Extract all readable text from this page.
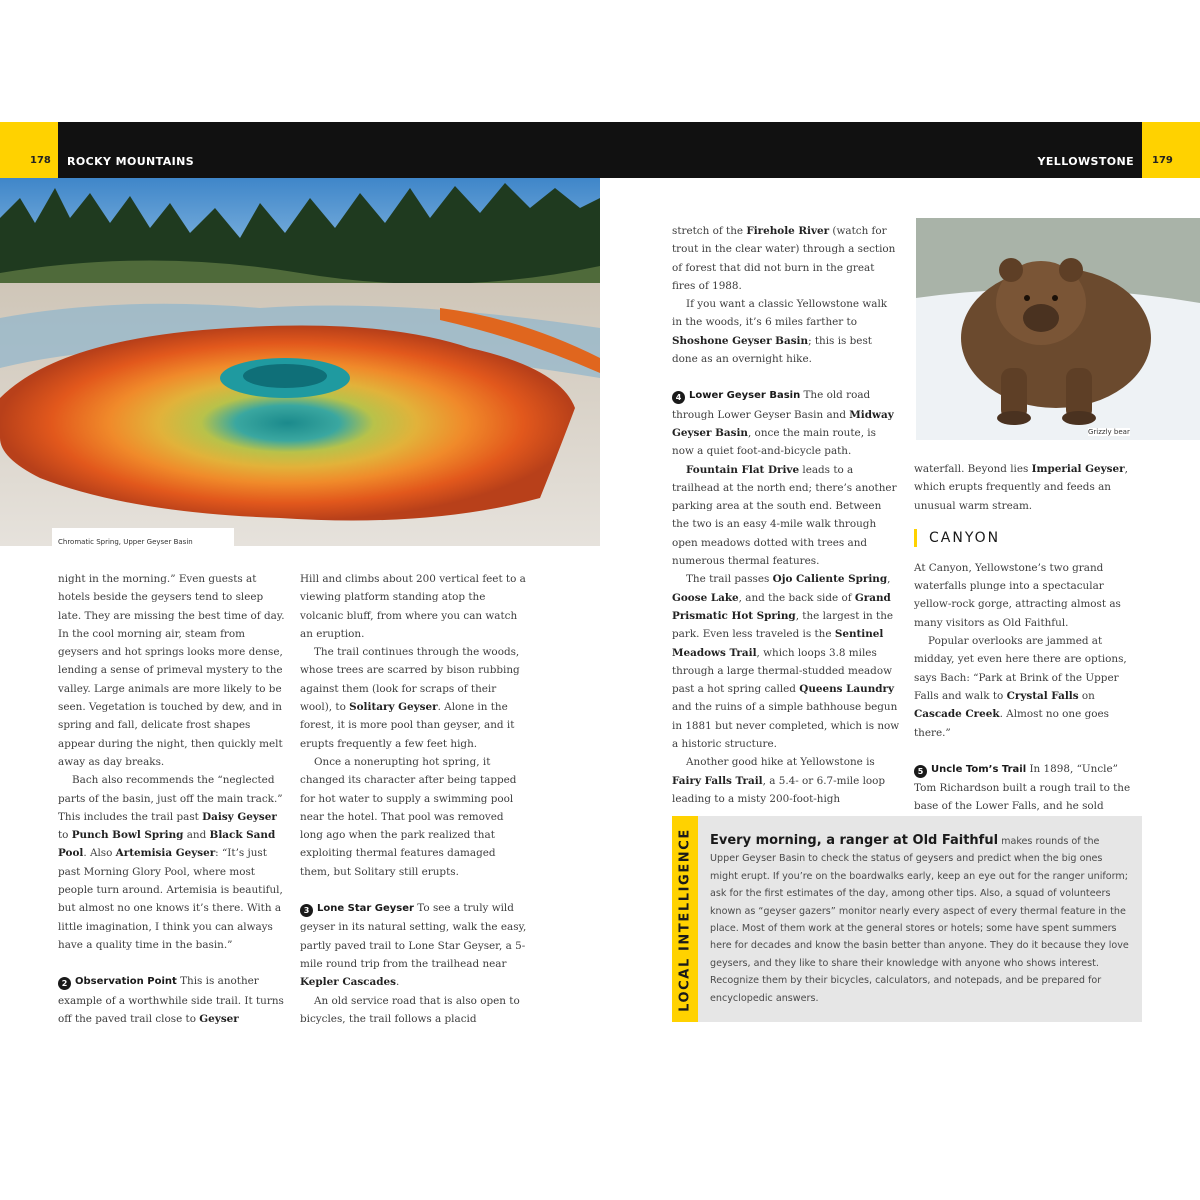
178 ROCKY MOUNTAINS	YELLOWSTONE 179
Chromatic Spring, Upper Geyser Basin
Grizzly bear

night in the morning.” Even guests at hotels beside the geysers tend to sleep late. They are missing the best time of day. In the cool morning air, steam from geysers and hot springs looks more dense, lending a sense of primeval mystery to the valley. Large animals are more likely to be seen. Vegetation is touched by dew, and in spring and fall, delicate frost shapes appear during the night, then quickly melt away as day breaks.

Bach also recommends the “neglected parts of the basin, just off the main track.” This includes the trail past Daisy Geyser to Punch Bowl Spring and Black Sand Pool. Also Artemisia Geyser: “It’s just past Morning Glory Pool, where most people turn around. Artemisia is beautiful, but almost no one knows it’s there. With a little imagination, I think you can always have a quality time in the basin.”

2 Observation Point This is another example of a worthwhile side trail. It turns off the paved trail close to Geyser

Hill and climbs about 200 vertical feet to a viewing platform standing atop the volcanic bluff, from where you can watch an eruption.

The trail continues through the woods, whose trees are scarred by bison rubbing against them (look for scraps of their wool), to Solitary Geyser. Alone in the forest, it is more pool than geyser, and it erupts frequently a few feet high.

Once a nonerupting hot spring, it changed its character after being tapped for hot water to supply a swimming pool near the hotel. That pool was removed long ago when the park realized that exploiting thermal features damaged them, but Solitary still erupts.

3 Lone Star Geyser To see a truly wild geyser in its natural setting, walk the easy, partly paved trail to Lone Star Geyser, a 5-mile round trip from the trailhead near Kepler Cascades.

An old service road that is also open to bicycles, the trail follows a placid

stretch of the Firehole River (watch for trout in the clear water) through a section of forest that did not burn in the great fires of 1988.

If you want a classic Yellowstone walk in the woods, it’s 6 miles farther to Shoshone Geyser Basin; this is best done as an overnight hike.

4 Lower Geyser Basin The old road through Lower Geyser Basin and Midway Geyser Basin, once the main route, is now a quiet foot-and-bicycle path.

Fountain Flat Drive leads to a trailhead at the north end; there’s another parking area at the south end. Between the two is an easy 4-mile walk through open meadows dotted with trees and numerous thermal features.

The trail passes Ojo Caliente Spring, Goose Lake, and the back side of Grand Prismatic Hot Spring, the largest in the park. Even less traveled is the Sentinel Meadows Trail, which loops 3.8 miles through a large thermal-studded meadow past a hot spring called Queens Laundry and the ruins of a simple bathhouse begun in 1881 but never completed, which is now a historic structure.

Another good hike at Yellowstone is Fairy Falls Trail, a 5.4- or 6.7-mile loop leading to a misty 200-foot-high

waterfall. Beyond lies Imperial Geyser, which erupts frequently and feeds an unusual warm stream.

CANYON

At Canyon, Yellowstone’s two grand waterfalls plunge into a spectacular yellow-rock gorge, attracting almost as many visitors as Old Faithful.

Popular overlooks are jammed at midday, yet even here there are options, says Bach: “Park at Brink of the Upper Falls and walk to Crystal Falls on Cascade Creek. Almost no one goes there.”

5 Uncle Tom’s Trail In 1898, “Uncle” Tom Richardson built a rough trail to the base of the Lower Falls, and he sold

LOCAL INTELLIGENCE Every morning, a ranger at Old Faithful makes rounds of the Upper Geyser Basin to check the status of geysers and predict when the big ones might erupt. If you’re on the boardwalks early, keep an eye out for the ranger uniform; ask for the first estimates of the day, among other tips. Also, a squad of volunteers known as “geyser gazers” monitor nearly every aspect of every thermal feature in the place. Most of them work at the general stores or hotels; some have spent summers here for decades and know the basin better than anyone. They do it because they love geysers, and they like to share their knowledge with anyone who shows interest. Recognize them by their bicycles, calculators, and notepads, and be prepared for encyclopedic answers.
